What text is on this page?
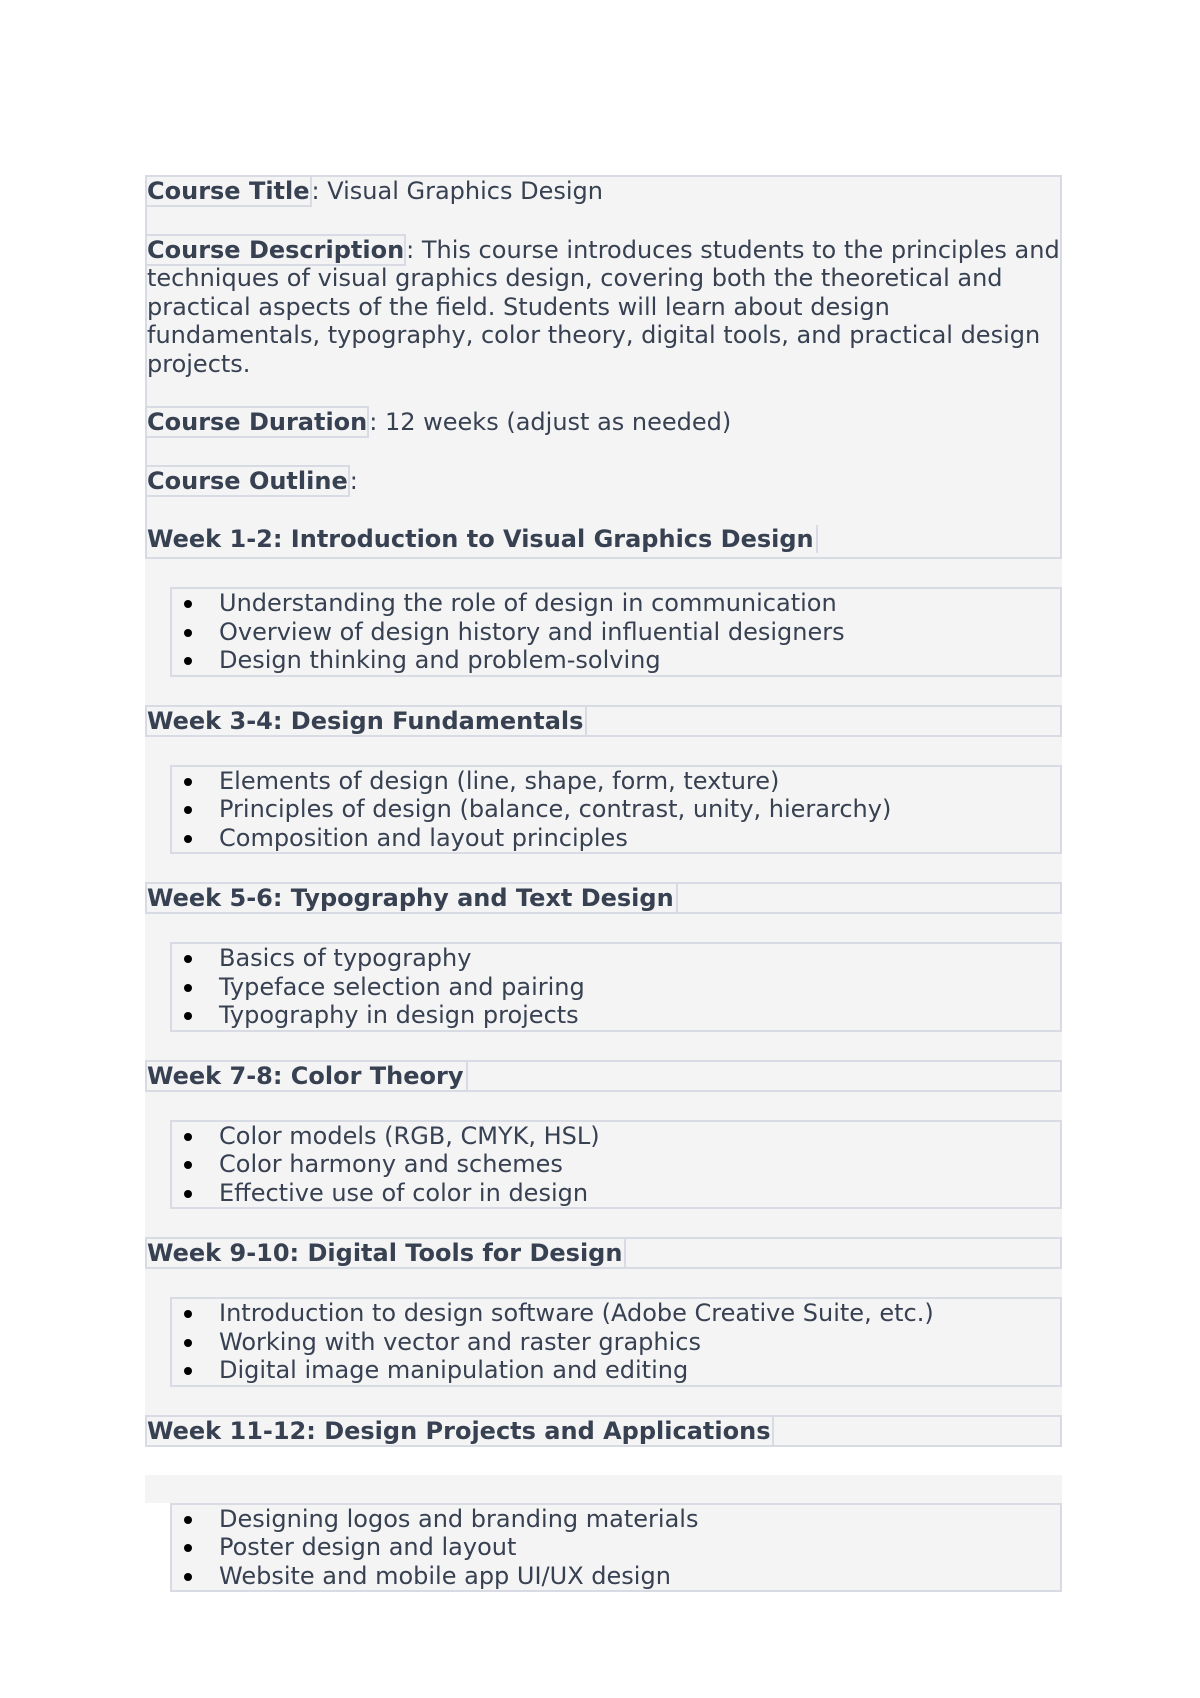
Course Title: Visual Graphics Design

Course Description: This course introduces students to the principles and techniques of visual graphics design, covering both the theoretical and practical aspects of the field. Students will learn about design fundamentals, typography, color theory, digital tools, and practical design projects.

Course Duration: 12 weeks (adjust as needed)

Course Outline:

Week 1-2: Introduction to Visual Graphics Design
Understanding the role of design in communication
Overview of design history and influential designers
Design thinking and problem-solving
Week 3-4: Design Fundamentals
Elements of design (line, shape, form, texture)
Principles of design (balance, contrast, unity, hierarchy)
Composition and layout principles
Week 5-6: Typography and Text Design
Basics of typography
Typeface selection and pairing
Typography in design projects
Week 7-8: Color Theory
Color models (RGB, CMYK, HSL)
Color harmony and schemes
Effective use of color in design
Week 9-10: Digital Tools for Design
Introduction to design software (Adobe Creative Suite, etc.)
Working with vector and raster graphics
Digital image manipulation and editing
Week 11-12: Design Projects and Applications
Designing logos and branding materials
Poster design and layout
Website and mobile app UI/UX design
